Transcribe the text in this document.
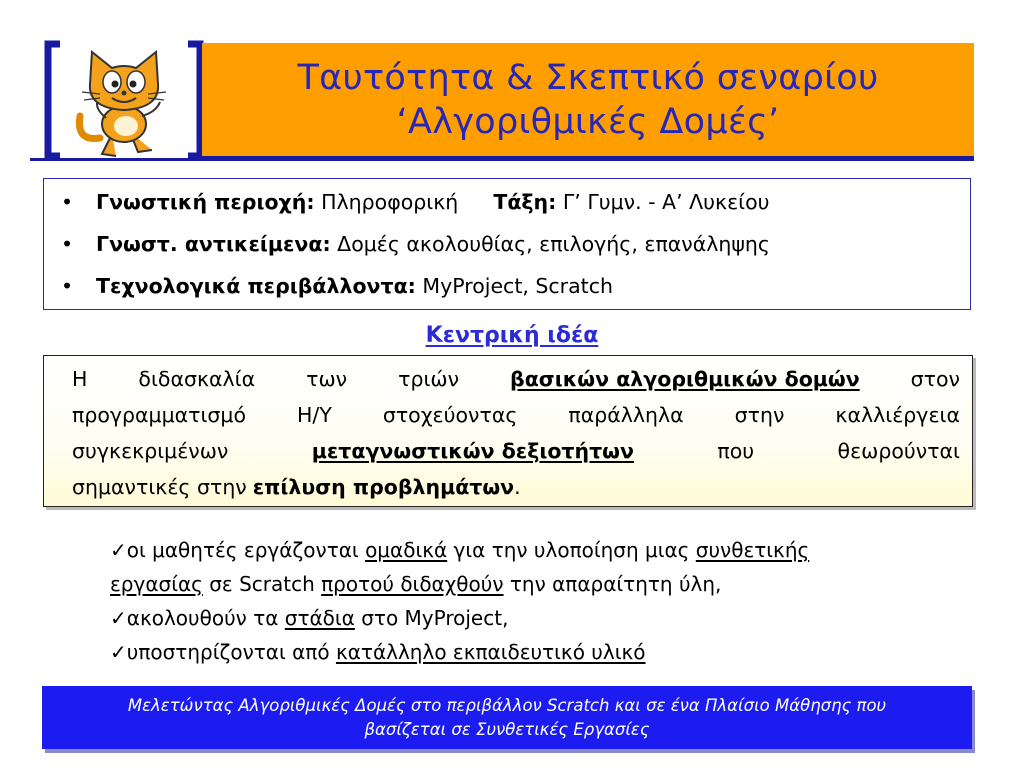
Ταυτότητα & Σκεπτικό σεναρίου
‘Αλγοριθμικές Δομές’
• Γνωστική περιοχή: Πληροφορική Τάξη: Γ’ Γυμν. - Α’ Λυκείου
• Γνωστ. αντικείμενα: Δομές ακολουθίας, επιλογής, επανάληψης
• Τεχνολογικά περιβάλλοντα: MyProject, Scratch
Κεντρική ιδέα
Η διδασκαλία των τριών βασικών αλγοριθμικών δομών στον
προγραμματισμό Η/Υ στοχεύοντας παράλληλα στην καλλιέργεια
συγκεκριμένων	μεταγνωστικών δεξιοτήτων	που	θεωρούνται
σημαντικές στην επίλυση προβλημάτων .
✓οι μαθητές εργάζονται ομαδικά για την υλοποίηση μιας συνθετικής
εργασίας σε Scratch προτού διδαχθούν την απαραίτητη ύλη,
✓ακολουθούν τα στάδια στο MyProject,
✓υποστηρίζονται από κατάλληλο εκπαιδευτικό υλικό
Μελετώντας Αλγοριθμικές Δομές στο περιβάλλον Scratch και σε ένα Πλαίσιο Μάθησης που
βασίζεται σε Συνθετικές Εργασίες
